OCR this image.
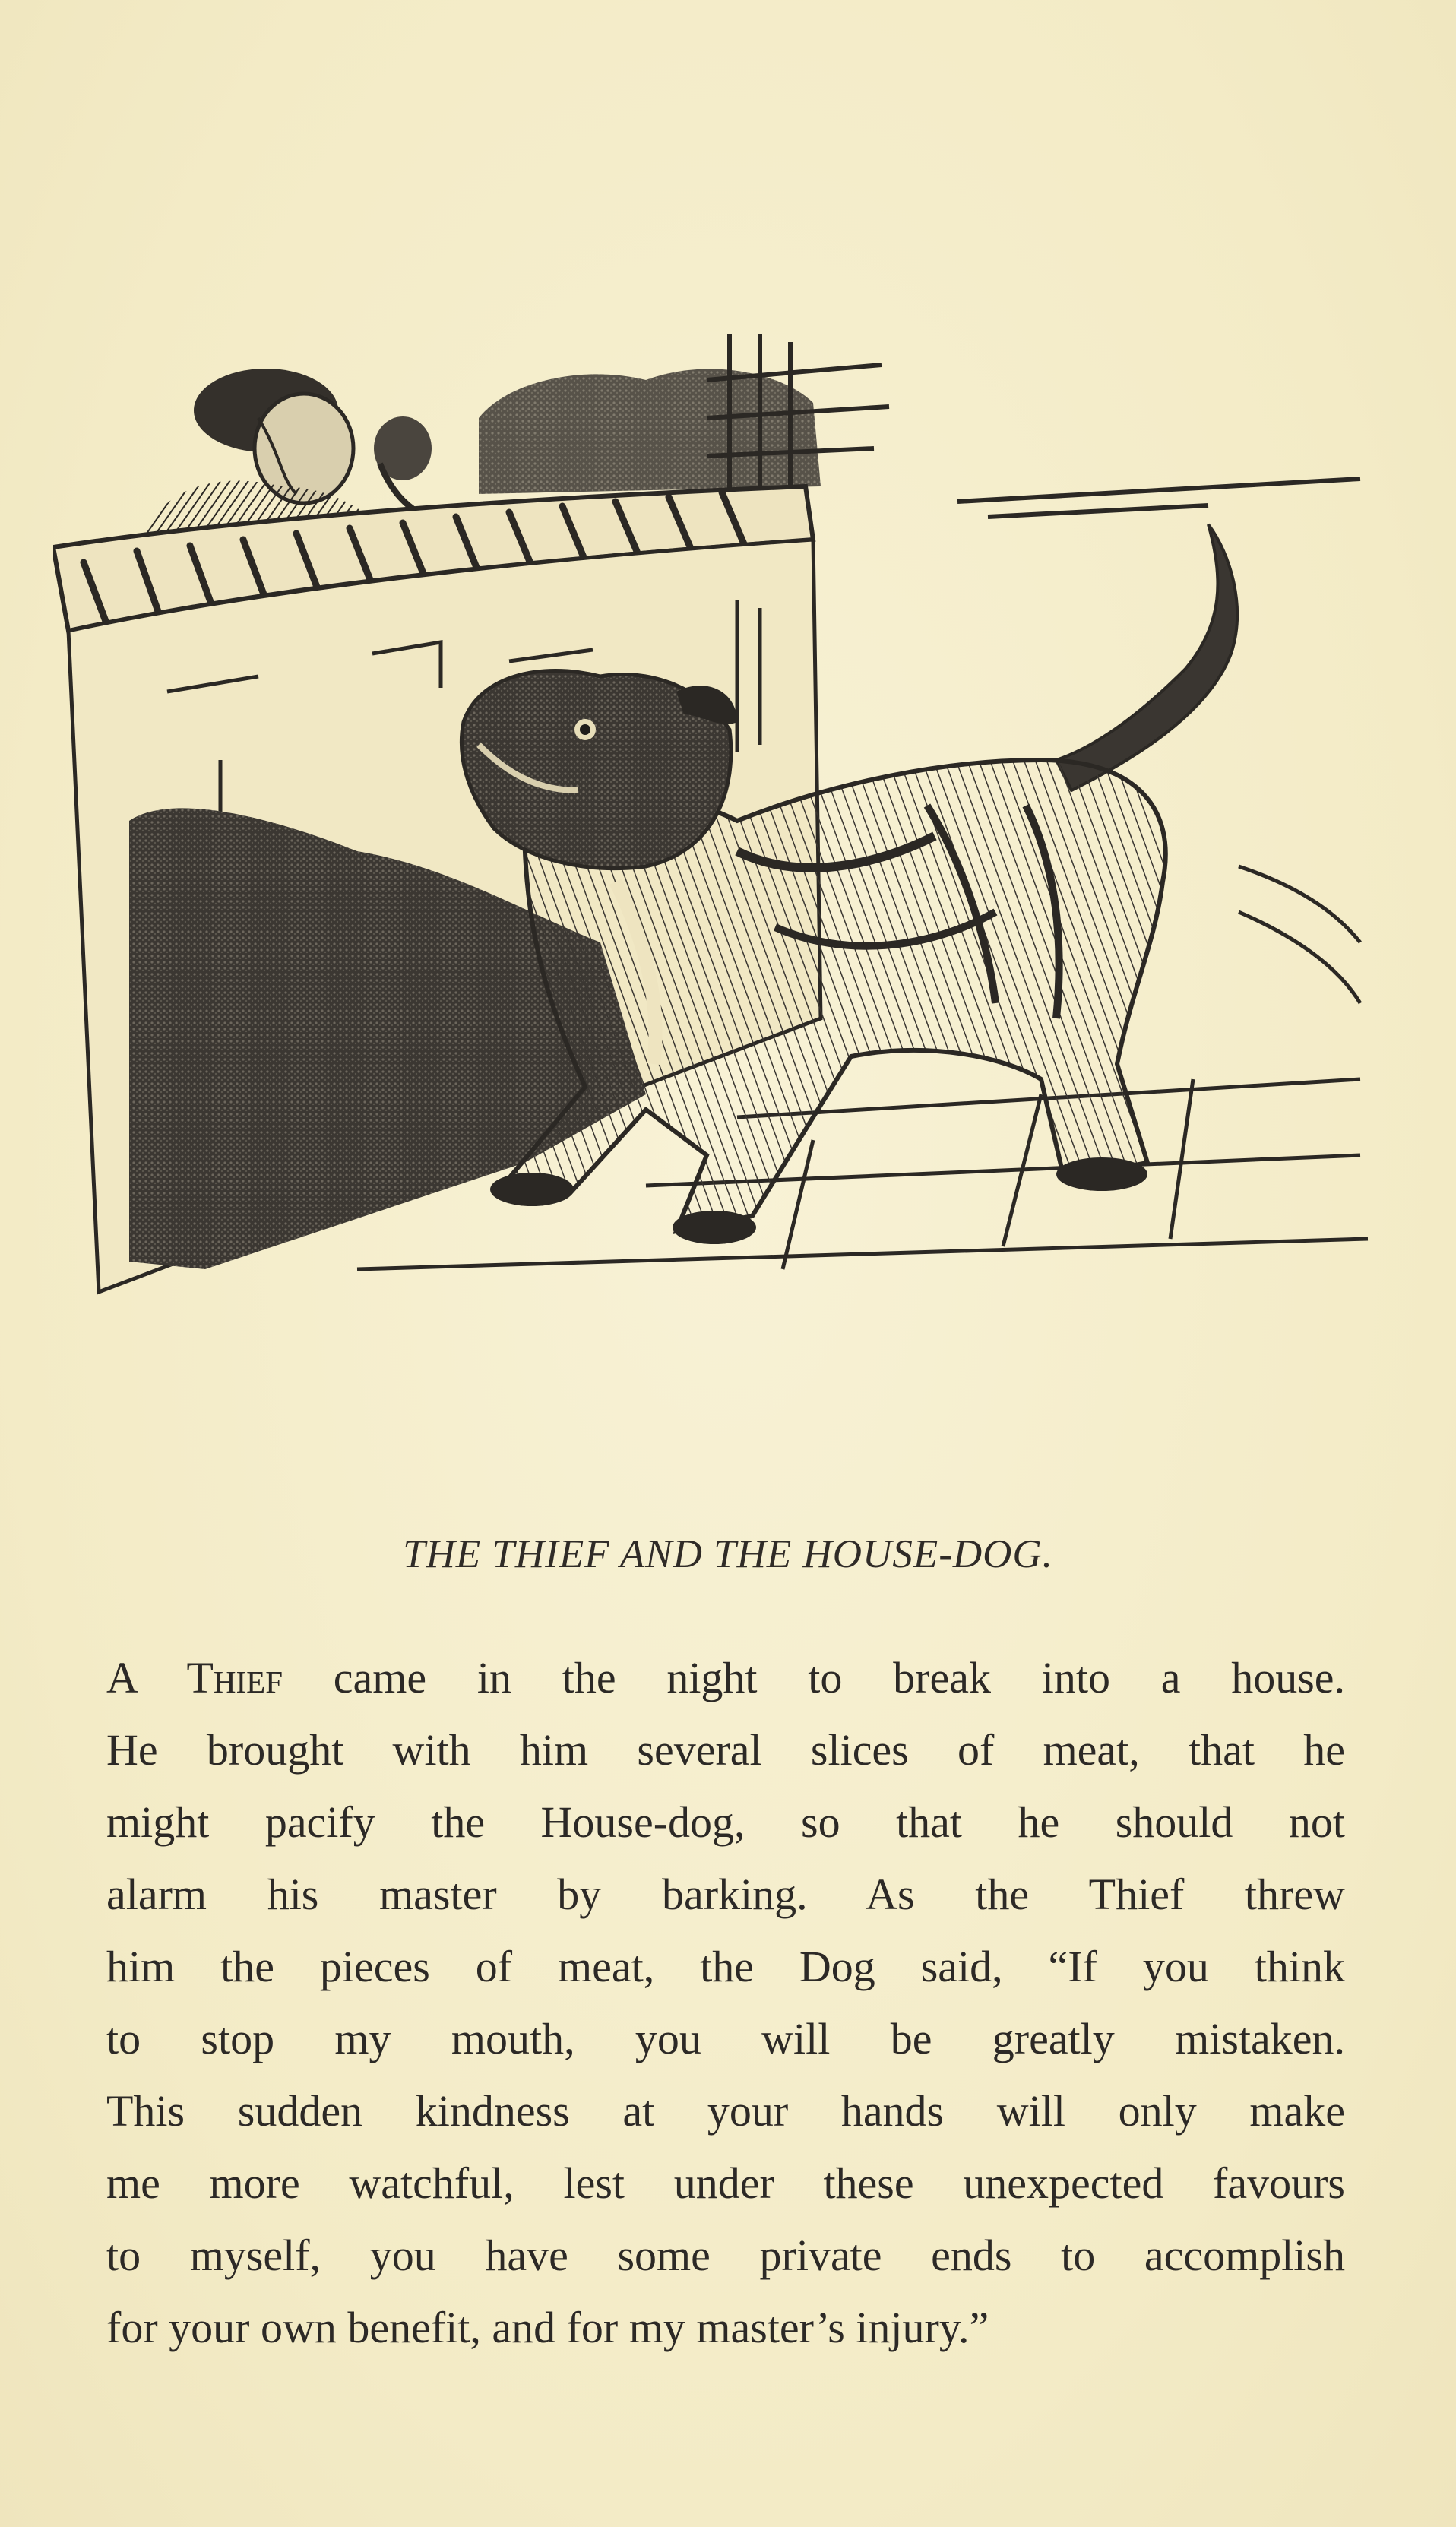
THE THIEF AND THE HOUSE-DOG.
A Thief came in the night to break into a house.
He brought with him several slices of meat, that he
might pacify the House-dog, so that he should not
alarm his master by barking. As the Thief threw
him the pieces of meat, the Dog said, “If you think
to stop my mouth, you will be greatly mistaken.
This sudden kindness at your hands will only make
me more watchful, lest under these unexpected favours
to myself, you have some private ends to accomplish
for your own benefit, and for my master’s injury.”
